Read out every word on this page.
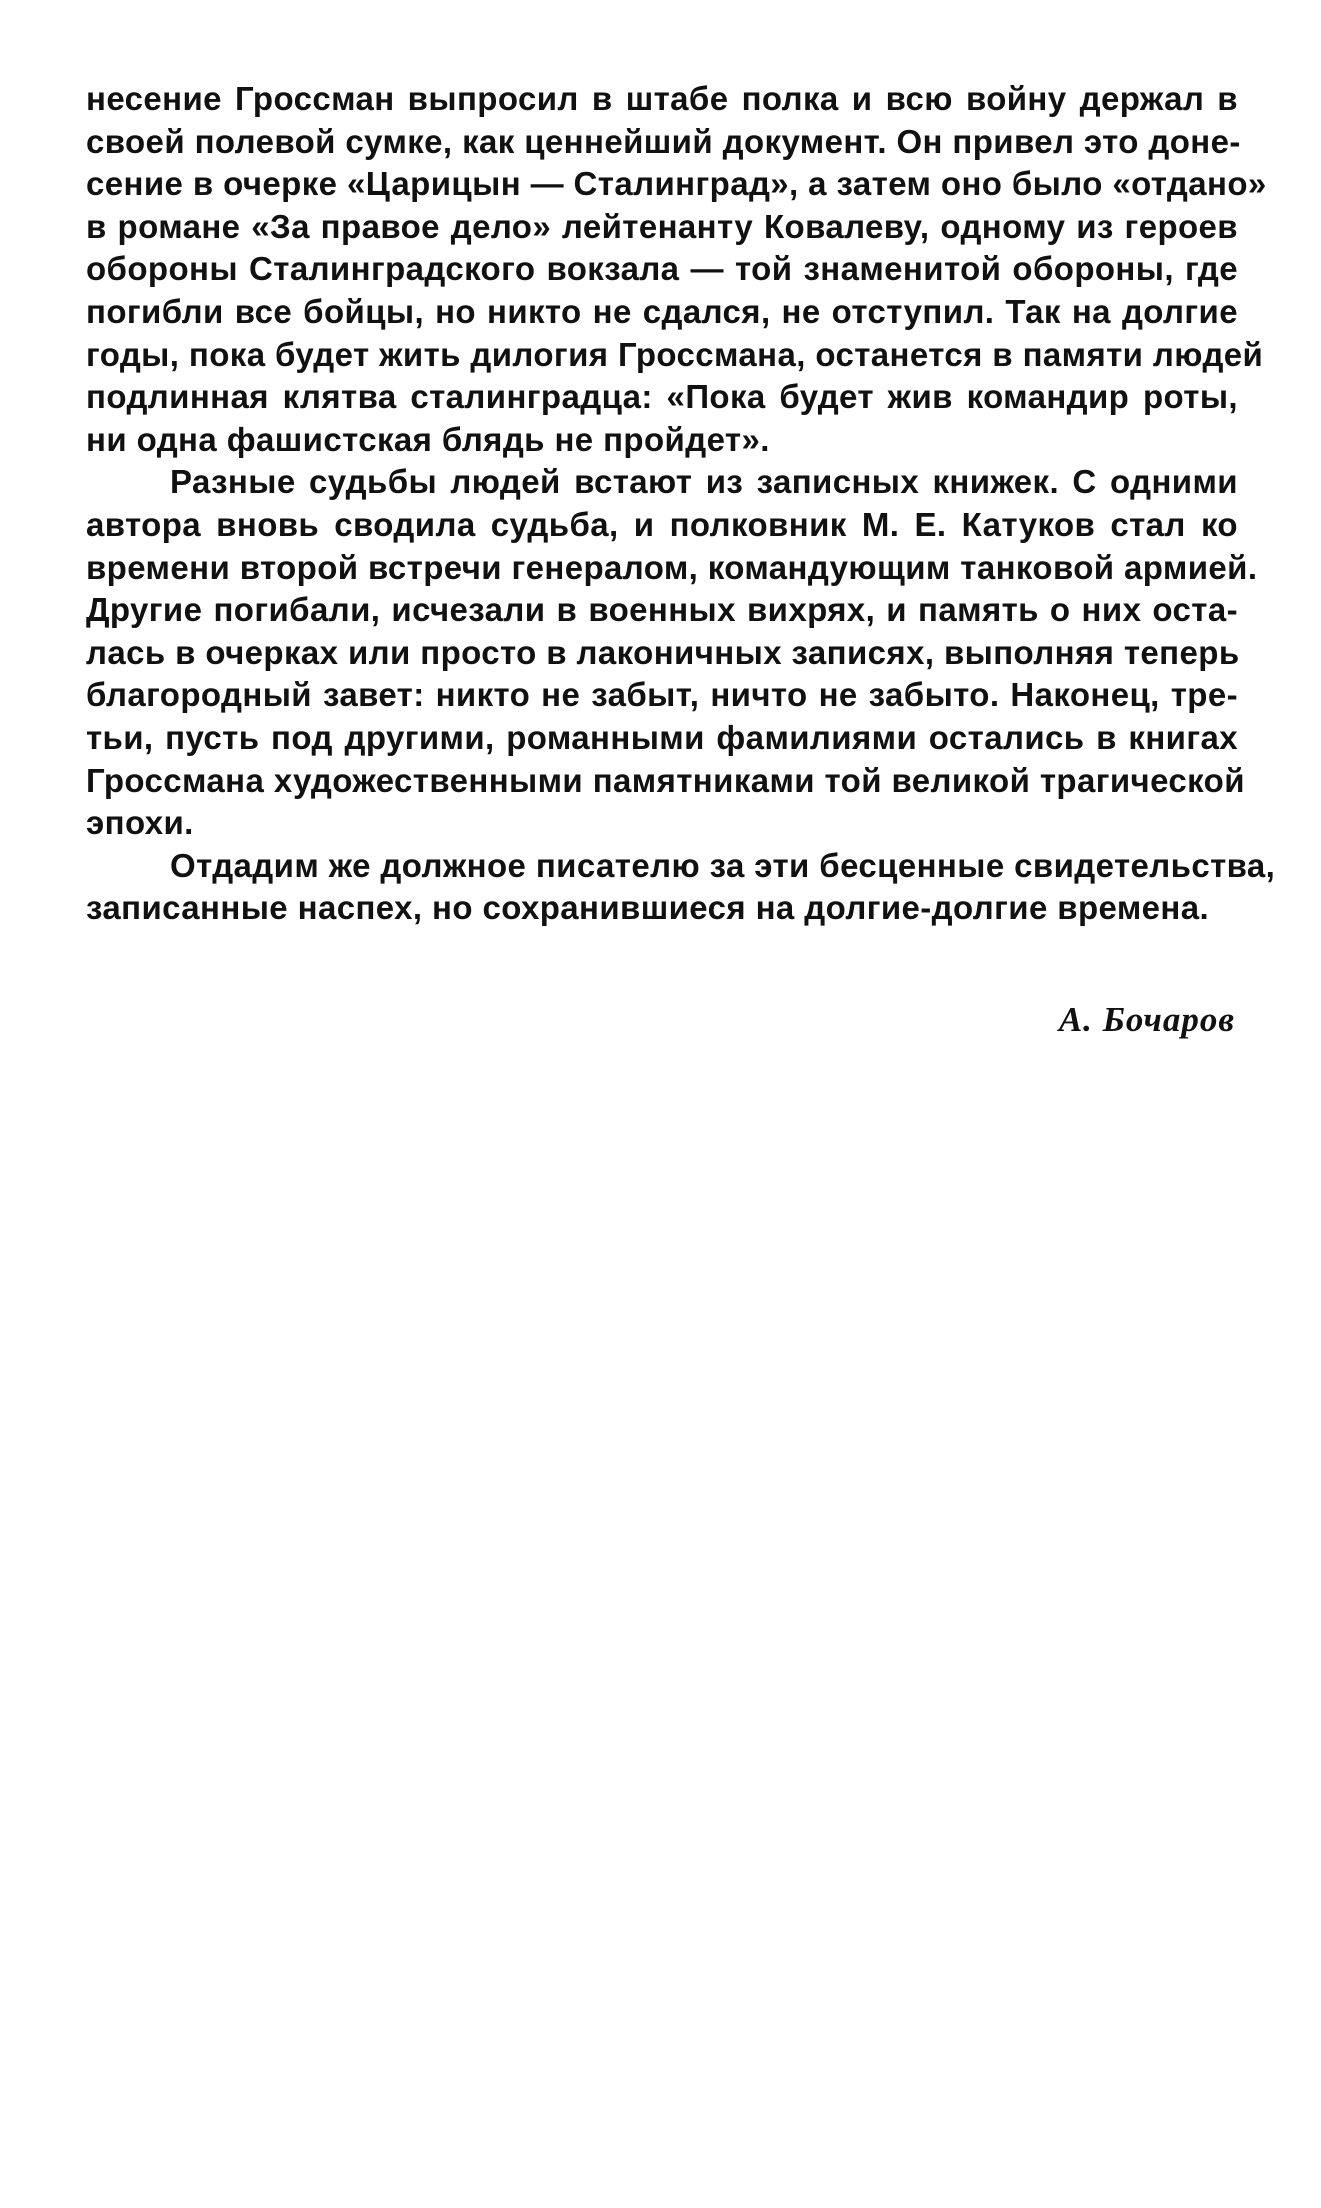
несение Гроссман выпросил в штабе полка и всю войну держал в
своей полевой сумке, как ценнейший документ. Он привел это доне-
сение в очерке «Царицын — Сталинград», а затем оно было «отдано»
в романе «За правое дело» лейтенанту Ковалеву, одному из героев
обороны Сталинградского вокзала — той знаменитой обороны, где
погибли все бойцы, но никто не сдался, не отступил. Так на долгие
годы, пока будет жить дилогия Гроссмана, останется в памяти людей
подлинная клятва сталинградца: «Пока будет жив командир роты,
ни одна фашистская блядь не пройдет».
Разные судьбы людей встают из записных книжек. С одними
автора вновь сводила судьба, и полковник М. Е. Катуков стал ко
времени второй встречи генералом, командующим танковой армией.
Другие погибали, исчезали в военных вихрях, и память о них оста-
лась в очерках или просто в лаконичных записях, выполняя теперь
благородный завет: никто не забыт, ничто не забыто. Наконец, тре-
тьи, пусть под другими, романными фамилиями остались в книгах
Гроссмана художественными памятниками той великой трагической
эпохи.
Отдадим же должное писателю за эти бесценные свидетельства,
записанные наспех, но сохранившиеся на долгие-долгие времена.
А. Бочаров
